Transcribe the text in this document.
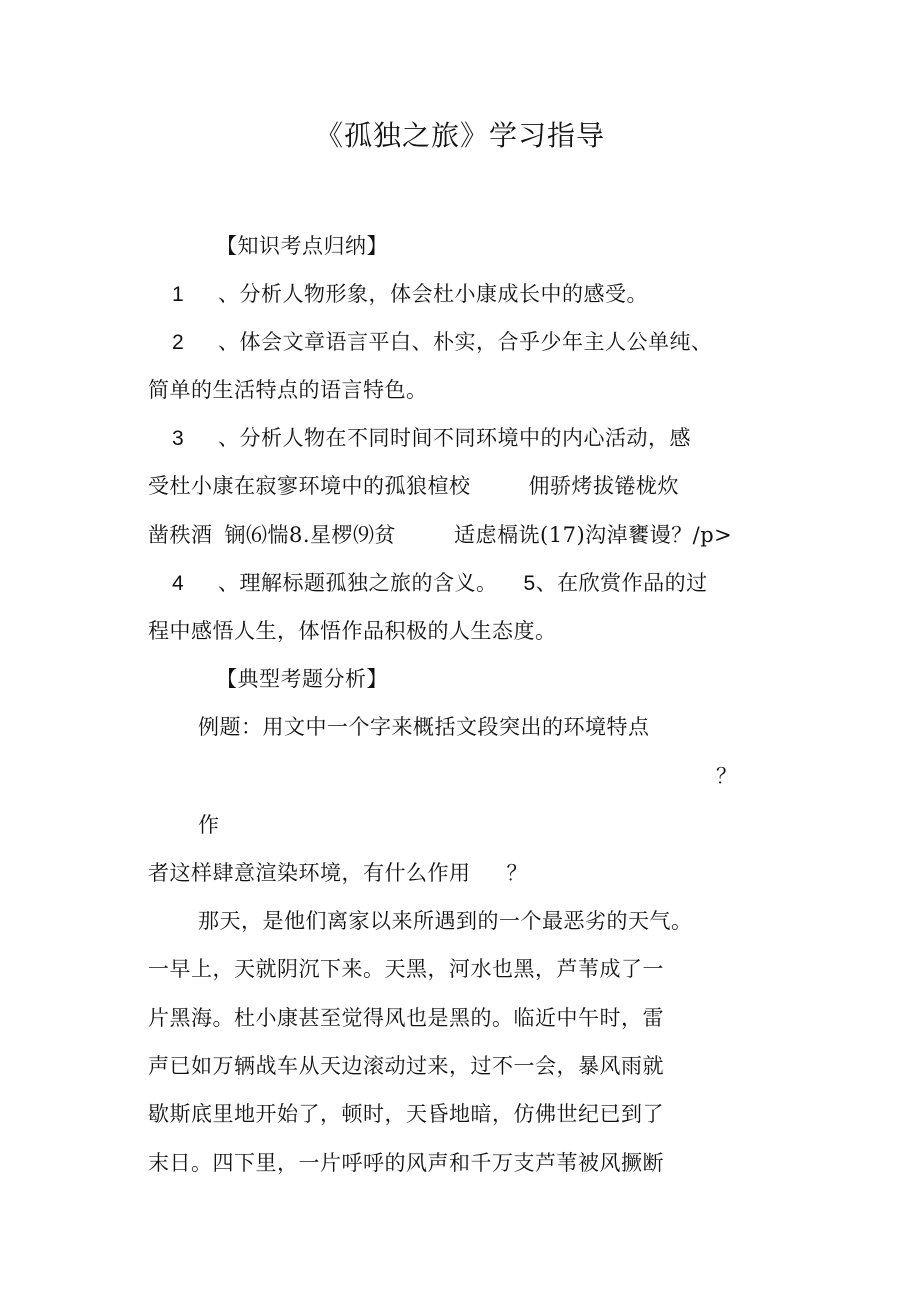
《孤独之旅》学习指导
【知识考点归纳】
1 、分析人物形象，体会杜小康成长中的感受。
2 、体会文章语言平白、朴实，合乎少年主人公单纯、
简单的生活特点的语言特色。
3 、分析人物在不同时间不同环境中的内心活动，感
受杜小康在寂寥环境中的孤狼楦校	佣骄烤拔锩栊炊
凿秩酒 锎⑹惴8.星椤⑼贫	适虑槅诜(17)沟淖饔谩？/p>
4 、理解标题孤独之旅的含义。 5、在欣赏作品的过
程中感悟人生，体悟作品积极的人生态度。
【典型考题分析】
例题：用文中一个字来概括文段突出的环境特点
？
作
者这样肆意渲染环境，有什么作用 ？
那天，是他们离家以来所遇到的一个最恶劣的天气。
一早上，天就阴沉下来。天黑，河水也黑，芦苇成了一
片黑海。杜小康甚至觉得风也是黑的。临近中午时，雷
声已如万辆战车从天边滚动过来，过不一会，暴风雨就
歇斯底里地开始了，顿时，天昏地暗，仿佛世纪已到了
末日。四下里，一片呼呼的风声和千万支芦苇被风撅断
